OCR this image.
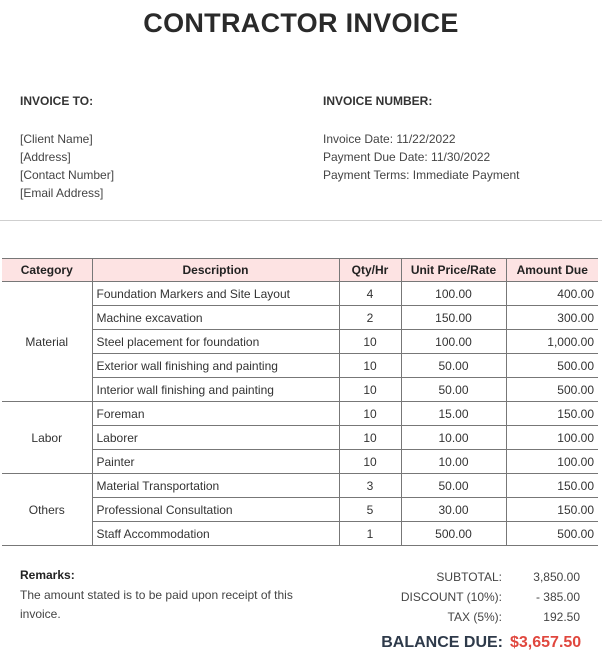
CONTRACTOR INVOICE
INVOICE TO:
[Client Name]
[Address]
[Contact Number]
[Email Address]
INVOICE NUMBER:
Invoice Date: 11/22/2022
Payment Due Date: 11/30/2022
Payment Terms: Immediate Payment
Category	Description	Qty/Hr	Unit Price/Rate	Amount Due
Material	Foundation Markers and Site Layout	4	100.00	400.00
	Machine excavation	2	150.00	300.00
	Steel placement for foundation	10	100.00	1,000.00
	Exterior wall finishing and painting	10	50.00	500.00
	Interior wall finishing and painting	10	50.00	500.00
Labor	Foreman	10	15.00	150.00
	Laborer	10	10.00	100.00
	Painter	10	10.00	100.00
Others	Material Transportation	3	50.00	150.00
	Professional Consultation	5	30.00	150.00
	Staff Accommodation	1	500.00	500.00
Remarks:
The amount stated is to be paid upon receipt of this invoice.
SUBTOTAL:	3,850.00
DISCOUNT (10%):	- 385.00
TAX (5%):	192.50
BALANCE DUE: $3,657.50
